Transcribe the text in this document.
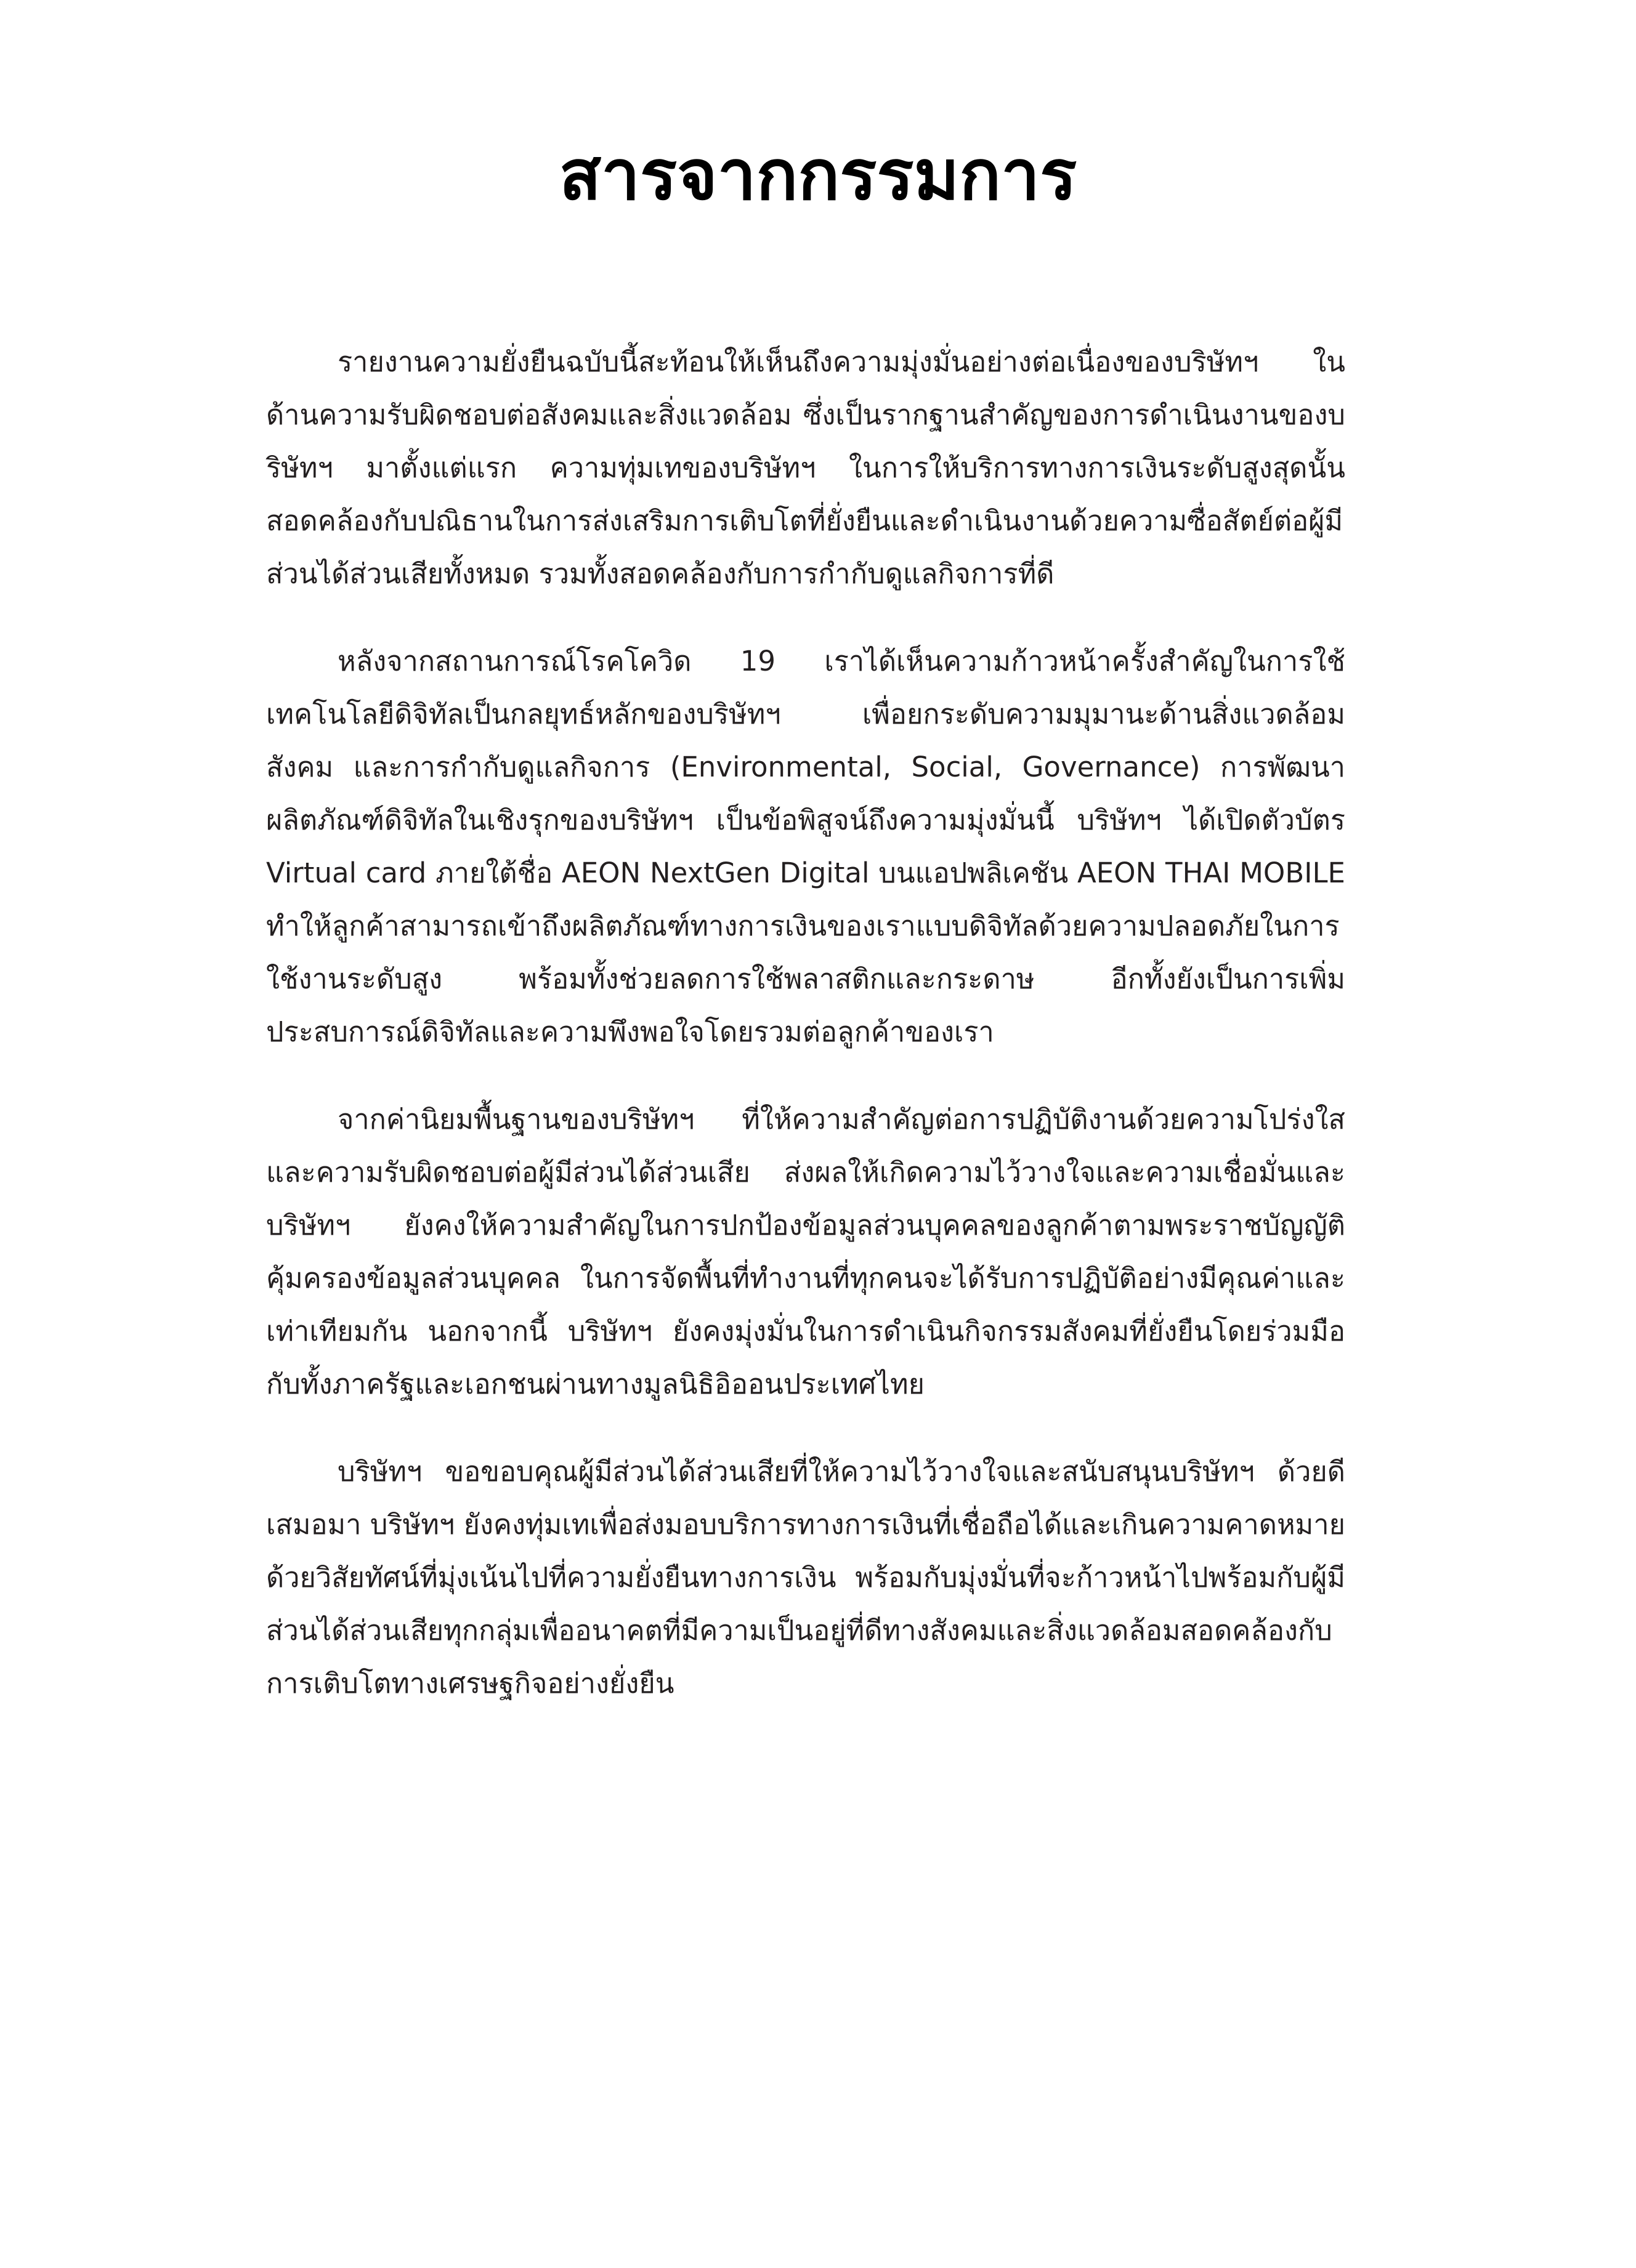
สารจากกรรมการ

รายงานความยั่งยืนฉบับนี้สะท้อนให้เห็นถึงความมุ่งมั่นอย่างต่อเนื่องของบริษัทฯ ในด้านความรับผิดชอบต่อสังคมและสิ่งแวดล้อม ซึ่งเป็นรากฐานสำคัญของการดำเนินงานของบริษัทฯ มาตั้งแต่แรก ความทุ่มเทของบริษัทฯ ในการให้บริการทางการเงินระดับสูงสุดนั้น สอดคล้องกับปณิธานในการส่งเสริมการเติบโตที่ยั่งยืนและดำเนินงานด้วยความซื่อสัตย์ต่อผู้มีส่วนได้ส่วนเสียทั้งหมด รวมทั้งสอดคล้องกับการกำกับดูแลกิจการที่ดี

หลังจากสถานการณ์โรคโควิด 19 เราได้เห็นความก้าวหน้าครั้งสำคัญในการใช้เทคโนโลยีดิจิทัลเป็นกลยุทธ์หลักของบริษัทฯ เพื่อยกระดับความมุมานะด้านสิ่งแวดล้อม สังคม และการกำกับดูแลกิจการ (Environmental, Social, Governance) การพัฒนาผลิตภัณฑ์ดิจิทัลในเชิงรุกของบริษัทฯ เป็นข้อพิสูจน์ถึงความมุ่งมั่นนี้ บริษัทฯ ได้เปิดตัวบัตร Virtual card ภายใต้ชื่อ AEON NextGen Digital บนแอปพลิเคชัน AEON THAI MOBILE ทำให้ลูกค้าสามารถเข้าถึงผลิตภัณฑ์ทางการเงินของเราแบบดิจิทัลด้วยความปลอดภัยในการใช้งานระดับสูง พร้อมทั้งช่วยลดการใช้พลาสติกและกระดาษ อีกทั้งยังเป็นการเพิ่มประสบการณ์ดิจิทัลและความพึงพอใจโดยรวมต่อลูกค้าของเรา

จากค่านิยมพื้นฐานของบริษัทฯ ที่ให้ความสำคัญต่อการปฏิบัติงานด้วยความโปร่งใสและความรับผิดชอบต่อผู้มีส่วนได้ส่วนเสีย ส่งผลให้เกิดความไว้วางใจและความเชื่อมั่นและบริษัทฯ ยังคงให้ความสำคัญในการปกป้องข้อมูลส่วนบุคคลของลูกค้าตามพระราชบัญญัติคุ้มครองข้อมูลส่วนบุคคล ในการจัดพื้นที่ทำงานที่ทุกคนจะได้รับการปฏิบัติอย่างมีคุณค่าและเท่าเทียมกัน นอกจากนี้ บริษัทฯ ยังคงมุ่งมั่นในการดำเนินกิจกรรมสังคมที่ยั่งยืนโดยร่วมมือกับทั้งภาครัฐและเอกชนผ่านทางมูลนิธิอิออนประเทศไทย

บริษัทฯ ขอขอบคุณผู้มีส่วนได้ส่วนเสียที่ให้ความไว้วางใจและสนับสนุนบริษัทฯ ด้วยดีเสมอมา บริษัทฯ ยังคงทุ่มเทเพื่อส่งมอบบริการทางการเงินที่เชื่อถือได้และเกินความคาดหมาย ด้วยวิสัยทัศน์ที่มุ่งเน้นไปที่ความยั่งยืนทางการเงิน พร้อมกับมุ่งมั่นที่จะก้าวหน้าไปพร้อมกับผู้มีส่วนได้ส่วนเสียทุกกลุ่มเพื่ออนาคตที่มีความเป็นอยู่ที่ดีทางสังคมและสิ่งแวดล้อมสอดคล้องกับการเติบโตทางเศรษฐกิจอย่างยั่งยืน
